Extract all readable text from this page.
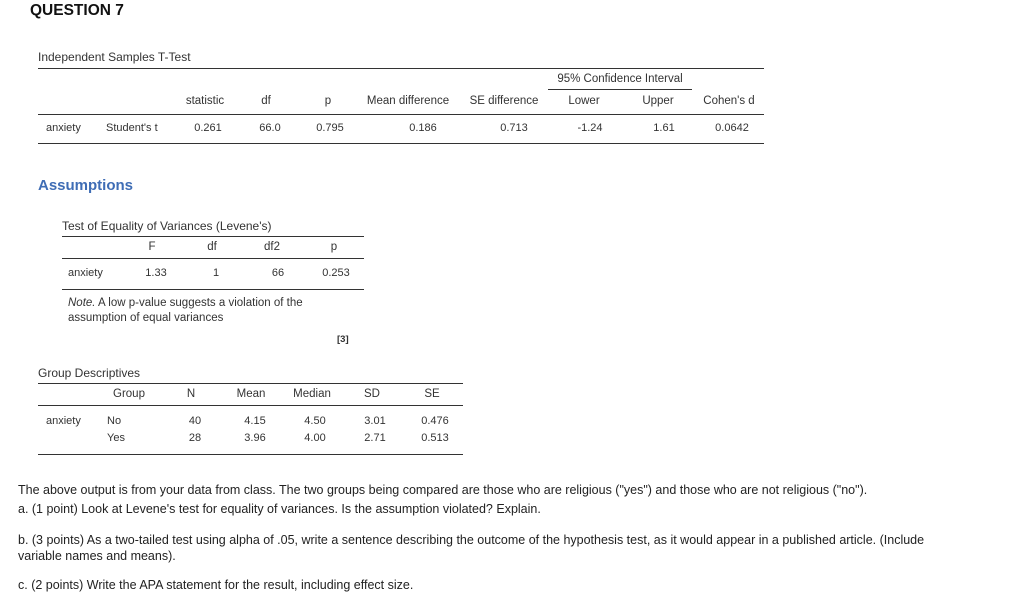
QUESTION 7
Independent Samples T-Test
95% Confidence Interval
statistic	df	p	Mean difference	SE difference	Lower	Upper	Cohen's d
anxiety Student's t	0.261	66.0	0.795	0.186	0.713	-1.24	1.61	0.0642
Assumptions
Test of Equality of Variances (Levene's)
F	df	df2	p
anxiety	1.33	1	66	0.253
Note. A low p-value suggests a violation of the
assumption of equal variances
[3]
Group Descriptives
Group	N	Mean	Median	SD	SE
anxiety No	40	4.15	4.50	3.01	0.476
Yes	28	3.96	4.00	2.71	0.513
The above output is from your data from class. The two groups being compared are those who are religious ("yes") and those who are not religious ("no").
a. (1 point) Look at Levene's test for equality of variances. Is the assumption violated? Explain.
b. (3 points) As a two-tailed test using alpha of .05, write a sentence describing the outcome of the hypothesis test, as it would appear in a published article. (Include
variable names and means).
c. (2 points) Write the APA statement for the result, including effect size.
